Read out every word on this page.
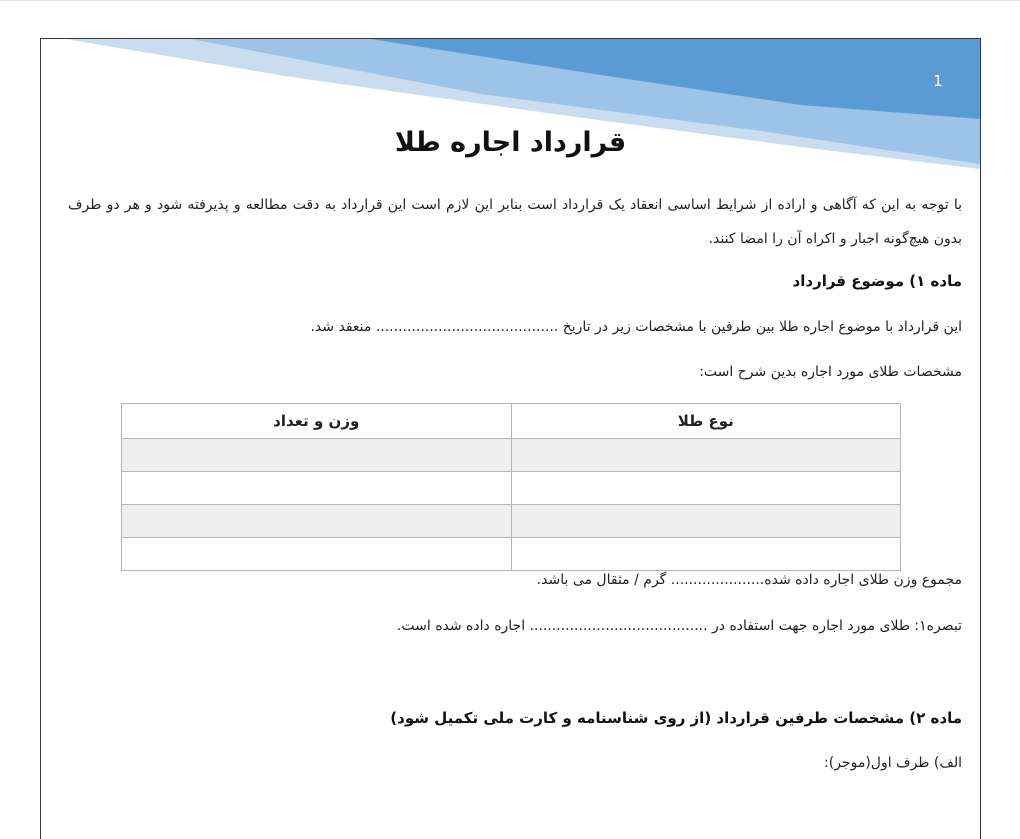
1
قرارداد اجاره طلا
با توجه به این که آگاهی و اراده از شرایط اساسی انعقاد یک قرارداد است بنابر این لازم است این قرارداد به دقت مطالعه و پذیرفته شود و هر دو طرف بدون هیچ‌گونه اجبار و اکراه آن را امضا کنند.
ماده ۱) موضوع قرارداد
این قرارداد با موضوع اجاره طلا بین طرفین با مشخصات زیر در تاریخ ......................................... منعقد شد.
مشخصات طلای مورد اجاره بدین شرح است:
نوع طلا	وزن و تعداد

مجموع وزن طلای اجاره داده شده..................... گرم / مثقال می باشد.
تبصره۱: طلای مورد اجاره جهت استفاده در ........................................ اجاره داده شده است.
ماده ۲) مشخصات طرفین قرارداد (از روی شناسنامه و کارت ملی تکمیل شود)
الف) طرف اول(موجر):
